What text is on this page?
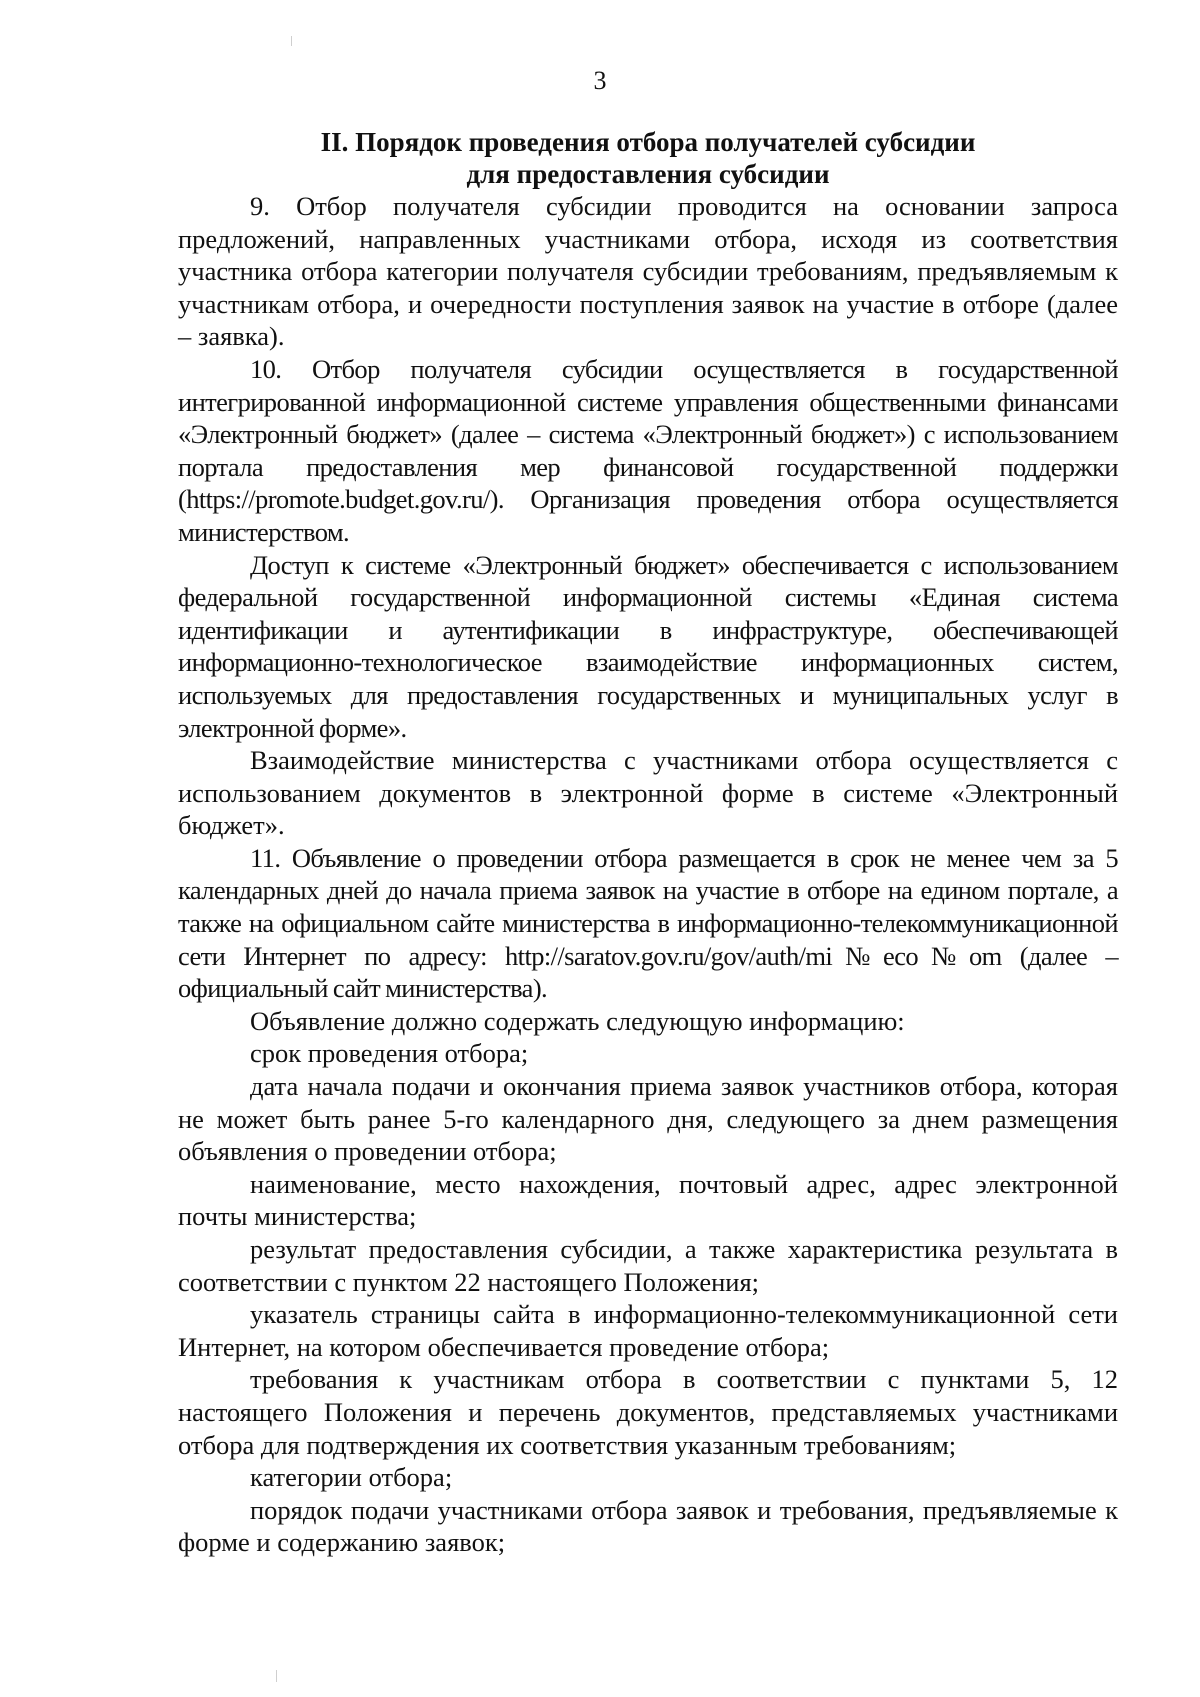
3
II. Порядок проведения отбора получателей субсидии
для предоставления субсидии

9. Отбор получателя субсидии проводится на основании запроса предложений, направленных участниками отбора, исходя из соответствия участника отбора категории получателя субсидии требованиям, предъявляемым к участникам отбора, и очередности поступления заявок на участие в отборе (далее – заявка).

10. Отбор получателя субсидии осуществляется в государственной интегрированной информационной системе управления общественными финансами «Электронный бюджет» (далее – система «Электронный бюджет») с использованием портала предоставления мер финансовой государственной поддержки (https://promote.budget.gov.ru/). Организация проведения отбора осуществляется министерством.

Доступ к системе «Электронный бюджет» обеспечивается с использованием федеральной государственной информационной системы «Единая система идентификации и аутентификации в инфраструктуре, обеспечивающей информационно-технологическое взаимодействие информационных систем, используемых для предоставления государственных и муниципальных услуг в электронной форме».

Взаимодействие министерства с участниками отбора осуществляется с использованием документов в электронной форме в системе «Электронный бюджет».

11. Объявление о проведении отбора размещается в срок не менее чем за 5 календарных дней до начала приема заявок на участие в отборе на едином портале, а также на официальном сайте министерства в информационно-телекоммуникационной сети Интернет по адресу: http://saratov.gov.ru/gov/auth/mi№eco№om (далее – официальный сайт министерства).

Объявление должно содержать следующую информацию:

срок проведения отбора;

дата начала подачи и окончания приема заявок участников отбора, которая не может быть ранее 5-го календарного дня, следующего за днем размещения объявления о проведении отбора;

наименование, место нахождения, почтовый адрес, адрес электронной почты министерства;

результат предоставления субсидии, а также характеристика результата в соответствии с пунктом 22 настоящего Положения;

указатель страницы сайта в информационно-телекоммуникационной сети Интернет, на котором обеспечивается проведение отбора;

требования к участникам отбора в соответствии с пунктами 5, 12 настоящего Положения и перечень документов, представляемых участниками отбора для подтверждения их соответствия указанным требованиям;

категории отбора;

порядок подачи участниками отбора заявок и требования, предъявляемые к форме и содержанию заявок;
